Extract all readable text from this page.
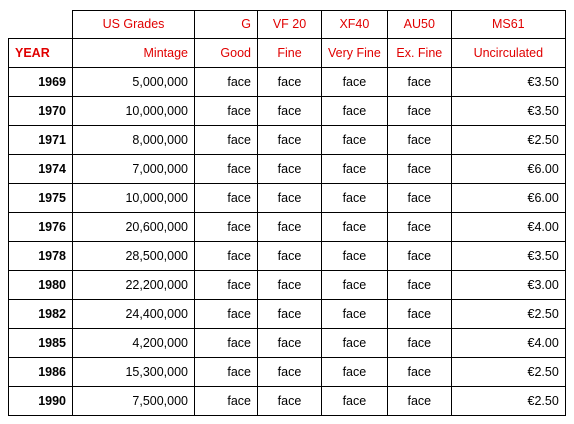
	US Grades	G	VF 20	XF40	AU50	MS61
YEAR	Mintage	Good	Fine	Very Fine	Ex. Fine	Uncirculated
1969	5,000,000	face	face	face	face	€3.50
1970	10,000,000	face	face	face	face	€3.50
1971	8,000,000	face	face	face	face	€2.50
1974	7,000,000	face	face	face	face	€6.00
1975	10,000,000	face	face	face	face	€6.00
1976	20,600,000	face	face	face	face	€4.00
1978	28,500,000	face	face	face	face	€3.50
1980	22,200,000	face	face	face	face	€3.00
1982	24,400,000	face	face	face	face	€2.50
1985	4,200,000	face	face	face	face	€4.00
1986	15,300,000	face	face	face	face	€2.50
1990	7,500,000	face	face	face	face	€2.50
